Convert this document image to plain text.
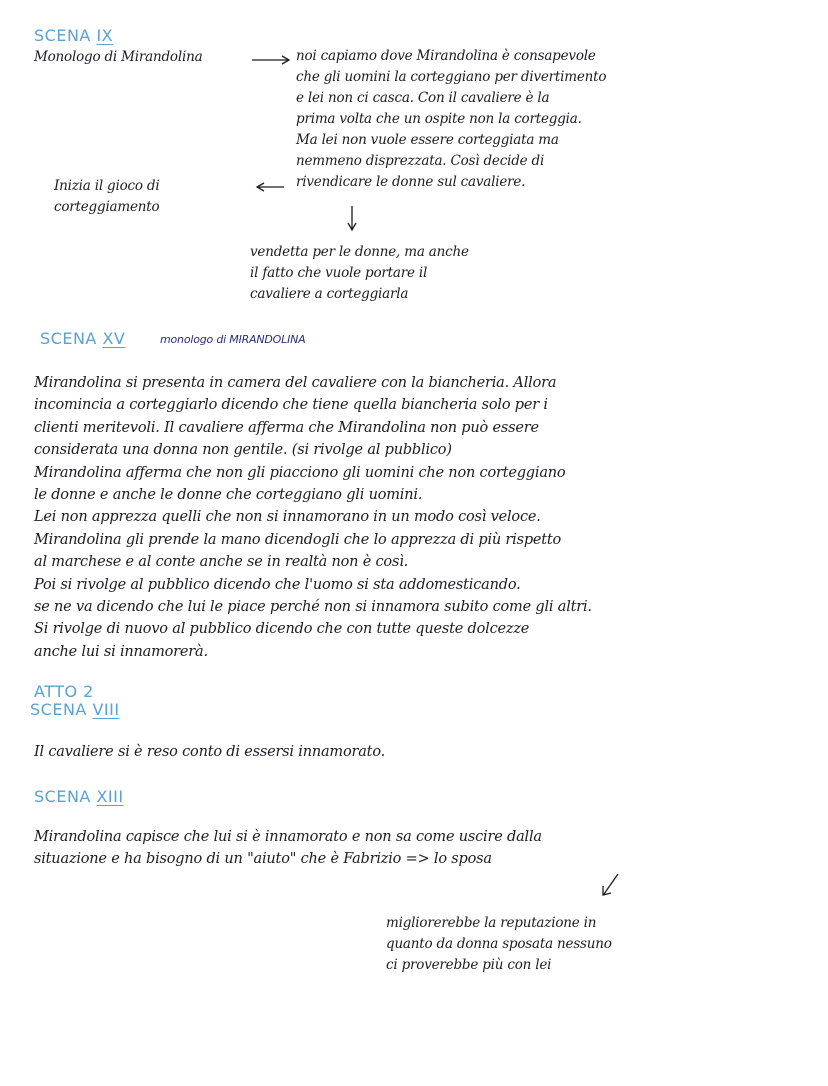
SCENA IX
Monologo di Mirandolina	noi capiamo dove Mirandolina è consapevole
che gli uomini la corteggiano per divertimento
e lei non ci casca. Con il cavaliere è la
prima volta che un ospite non la corteggia.
Ma lei non vuole essere corteggiata ma
nemmeno disprezzata. Così decide di
rivendicare le donne sul cavaliere.
Inizia il gioco di
corteggiamento
vendetta per le donne, ma anche
il fatto che vuole portare il
cavaliere a corteggiarla
SCENA XV	monologo di MIRANDOLINA
Mirandolina si presenta in camera del cavaliere con la biancheria. Allora
incomincia a corteggiarlo dicendo che tiene quella biancheria solo per i
clienti meritevoli. Il cavaliere afferma che Mirandolina non può essere
considerata una donna non gentile. (si rivolge al pubblico)
Mirandolina afferma che non gli piacciono gli uomini che non corteggiano
le donne e anche le donne che corteggiano gli uomini.
Lei non apprezza quelli che non si innamorano in un modo così veloce.
Mirandolina gli prende la mano dicendogli che lo apprezza di più rispetto
al marchese e al conte anche se in realtà non è così.
Poi si rivolge al pubblico dicendo che l'uomo si sta addomesticando.
se ne va dicendo che lui le piace perché non si innamora subito come gli altri.
Si rivolge di nuovo al pubblico dicendo che con tutte queste dolcezze
anche lui si innamorerà.
ATTO 2
SCENA VIII
Il cavaliere si è reso conto di essersi innamorato.
SCENA XIII
Mirandolina capisce che lui si è innamorato e non sa come uscire dalla
situazione e ha bisogno di un "aiuto" che è Fabrizio => lo sposa
migliorerebbe la reputazione in
quanto da donna sposata nessuno
ci proverebbe più con lei
